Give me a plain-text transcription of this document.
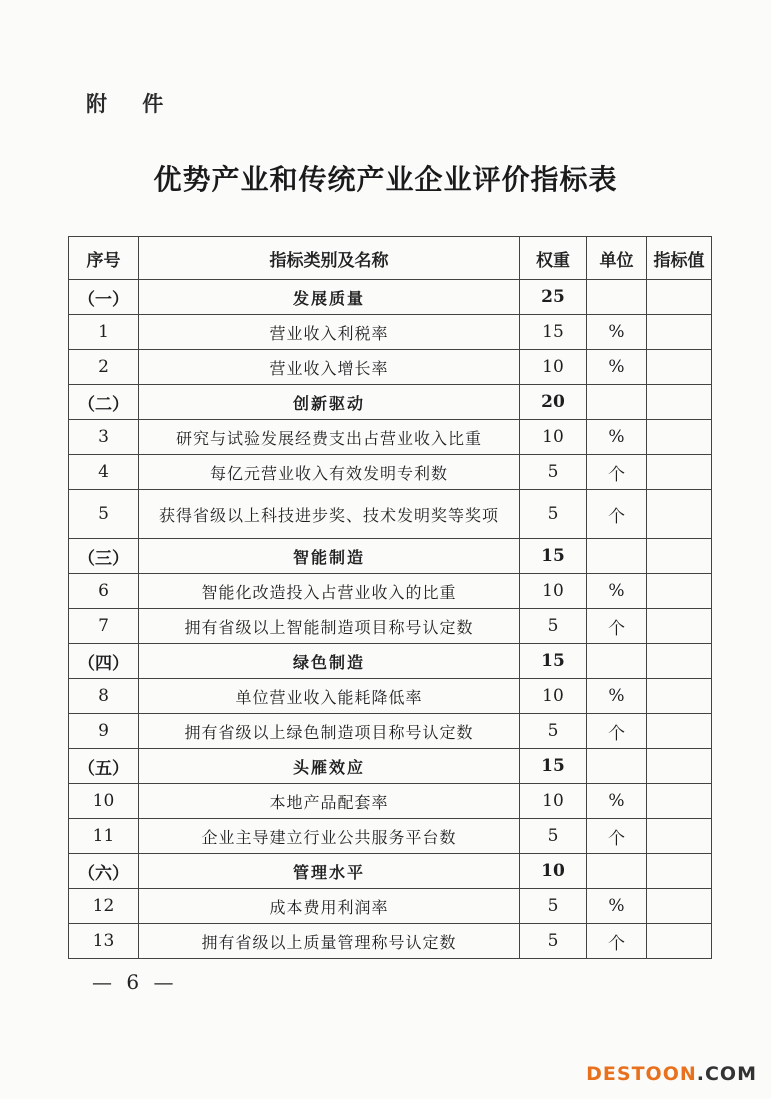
附 件
优势产业和传统产业企业评价指标表
序号	指标类别及名称	权重	单位	指标值
（一）	发展质量	25		
1	营业收入利税率	15	%	
2	营业收入增长率	10	%	
（二）	创新驱动	20		
3	研究与试验发展经费支出占营业收入比重	10	%	
4	每亿元营业收入有效发明专利数	5	个	
5	获得省级以上科技进步奖、技术发明奖等奖项	5	个	
（三）	智能制造	15		
6	智能化改造投入占营业收入的比重	10	%	
7	拥有省级以上智能制造项目称号认定数	5	个	
（四）	绿色制造	15		
8	单位营业收入能耗降低率	10	%	
9	拥有省级以上绿色制造项目称号认定数	5	个	
（五）	头雁效应	15		
10	本地产品配套率	10	%	
11	企业主导建立行业公共服务平台数	5	个	
（六）	管理水平	10		
12	成本费用利润率	5	%	
13	拥有省级以上质量管理称号认定数	5	个	
— 6 —
DESTOON.COM
